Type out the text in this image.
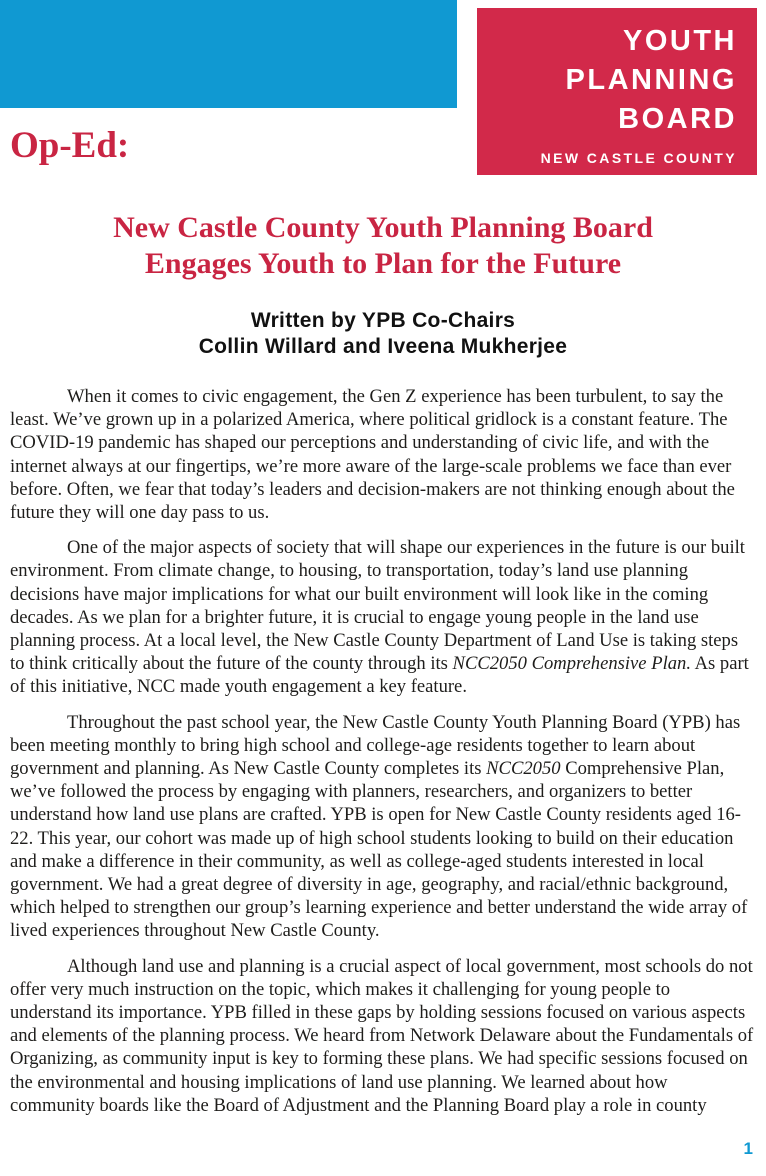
YOUTH
PLANNING
BOARD
NEW CASTLE COUNTY
Op-Ed:
New Castle County Youth Planning Board
Engages Youth to Plan for the Future
Written by YPB Co-Chairs
Collin Willard and Iveena Mukherjee

When it comes to civic engagement, the Gen Z experience has been turbulent, to say the least. We’ve grown up in a polarized America, where political gridlock is a constant feature. The COVID-19 pandemic has shaped our perceptions and understanding of civic life, and with the internet always at our fingertips, we’re more aware of the large-scale problems we face than ever before. Often, we fear that today’s leaders and decision-makers are not thinking enough about the future they will one day pass to us.

One of the major aspects of society that will shape our experiences in the future is our built environment. From climate change, to housing, to transportation, today’s land use planning decisions have major implications for what our built environment will look like in the coming decades. As we plan for a brighter future, it is crucial to engage young people in the land use planning process. At a local level, the New Castle County Department of Land Use is taking steps to think critically about the future of the county through its NCC2050 Comprehensive Plan. As part of this initiative, NCC made youth engagement a key feature.

Throughout the past school year, the New Castle County Youth Planning Board (YPB) has been meeting monthly to bring high school and college-age residents together to learn about government and planning. As New Castle County completes its NCC2050 Comprehensive Plan, we’ve followed the process by engaging with planners, researchers, and organizers to better understand how land use plans are crafted. YPB is open for New Castle County residents aged 16-22. This year, our cohort was made up of high school students looking to build on their education and make a difference in their community, as well as college-aged students interested in local government. We had a great degree of diversity in age, geography, and racial/ethnic background, which helped to strengthen our group’s learning experience and better understand the wide array of lived experiences throughout New Castle County.

Although land use and planning is a crucial aspect of local government, most schools do not offer very much instruction on the topic, which makes it challenging for young people to understand its importance. YPB filled in these gaps by holding sessions focused on various aspects and elements of the planning process. We heard from Network Delaware about the Fundamentals of Organizing, as community input is key to forming these plans. We had specific sessions focused on the environmental and housing implications of land use planning. We learned about how community boards like the Board of Adjustment and the Planning Board play a role in county

1
